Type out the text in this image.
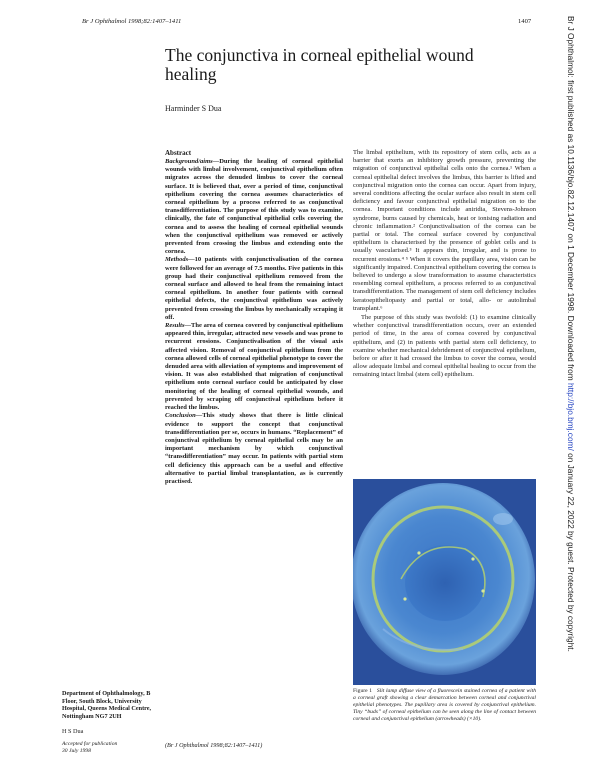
Br J Ophthalmol 1998;82:1407–1411	1407
The conjunctiva in corneal epithelial wound healing
Harminder S Dua

Abstract

Background/aims—During the healing of corneal epithelial wounds with limbal involvement, conjunctival epithelium often migrates across the denuded limbus to cover the corneal surface. It is believed that, over a period of time, conjunctival epithelium covering the cornea assumes characteristics of corneal epithelium by a process referred to as conjunctival transdifferentiation. The purpose of this study was to examine, clinically, the fate of conjunctival epithelial cells covering the cornea and to assess the healing of corneal epithelial wounds when the conjunctival epithelium was removed or actively prevented from crossing the limbus and extending onto the cornea.

Methods—10 patients with conjunctivalisation of the cornea were followed for an average of 7.5 months. Five patients in this group had their conjunctival epithelium removed from the corneal surface and allowed to heal from the remaining intact corneal epithelium. In another four patients with corneal epithelial defects, the conjunctival epithelium was actively prevented from crossing the limbus by mechanically scraping it off.

Results—The area of cornea covered by conjunctival epithelium appeared thin, irregular, attracted new vessels and was prone to recurrent erosions. Conjunctivalisation of the visual axis affected vision. Removal of conjunctival epithelium from the cornea allowed cells of corneal epithelial phenotype to cover the denuded area with alleviation of symptoms and improvement of vision. It was also established that migration of conjunctival epithelium onto corneal surface could be anticipated by close monitoring of the healing of corneal epithelial wounds, and prevented by scraping off conjunctival epithelium before it reached the limbus.

Conclusion—This study shows that there is little clinical evidence to support the concept that conjunctival transdifferentiation per se, occurs in humans. “Replacement” of conjunctival epithelium by corneal epithelial cells may be an important mechanism by which conjunctival “transdifferentiation” may occur. In patients with partial stem cell deficiency this approach can be a useful and effective alternative to partial limbal transplantation, as is currently practised.

(Br J Ophthalmol 1998;82:1407–1411)

The limbal epithelium, with its repository of stem cells, acts as a barrier that exerts an inhibitory growth pressure, preventing the migration of conjunctival epithelial cells onto the cornea.¹ When a corneal epithelial defect involves the limbus, this barrier is lifted and conjunctival migration onto the cornea can occur. Apart from injury, several conditions affecting the ocular surface also result in stem cell deficiency and favour conjunctival epithelial migration on to the cornea. Important conditions include aniridia, Stevens-Johnson syndrome, burns caused by chemicals, heat or ionising radiation and chronic inflammation.² Conjunctivalisation of the cornea can be partial or total. The corneal surface covered by conjunctival epithelium is characterised by the presence of goblet cells and is usually vascularised.³ It appears thin, irregular, and is prone to recurrent erosions.⁴ ⁵ When it covers the pupillary area, vision can be significantly impaired. Conjunctival epithelium covering the cornea is believed to undergo a slow transformation to assume characteristics resembling corneal epithelium, a process referred to as conjunctival transdifferentiation. The management of stem cell deficiency includes keratoepitheliopasty and partial or total, allo- or autolimbal transplant.⁶

The purpose of this study was twofold: (1) to examine clinically whether conjunctival transdifferentiation occurs, over an extended period of time, in the area of cornea covered by conjunctival epithelium, and (2) in patients with partial stem cell deficiency, to examine whether mechanical debridement of conjunctival epithelium, before or after it had crossed the limbus to cover the cornea, would allow adequate limbal and corneal epithelial healing to occur from the remaining intact limbal (stem cell) epithelium.

Figure 1 Slit lamp diffuse view of a fluorescein stained cornea of a patient with a corneal graft showing a clear demarcation between corneal and conjunctival epithelial phenotypes. The pupillary area is covered by conjunctival epithelium. Tiny “buds” of corneal epithelium can be seen along the line of contact between corneal and conjunctival epithelium (arrowheads) (×10).
Department of Ophthalmology, B Floor, South Block, University Hospital, Queens Medical Centre, Nottingham NG7 2UH
H S Dua
Accepted for publication
30 July 1998
Br J Ophthalmol: first published as 10.1136/bjo.82.12.1407 on 1 December 1998. Downloaded from http://bjo.bmj.com/ on January 22, 2022 by guest. Protected by copyright.
